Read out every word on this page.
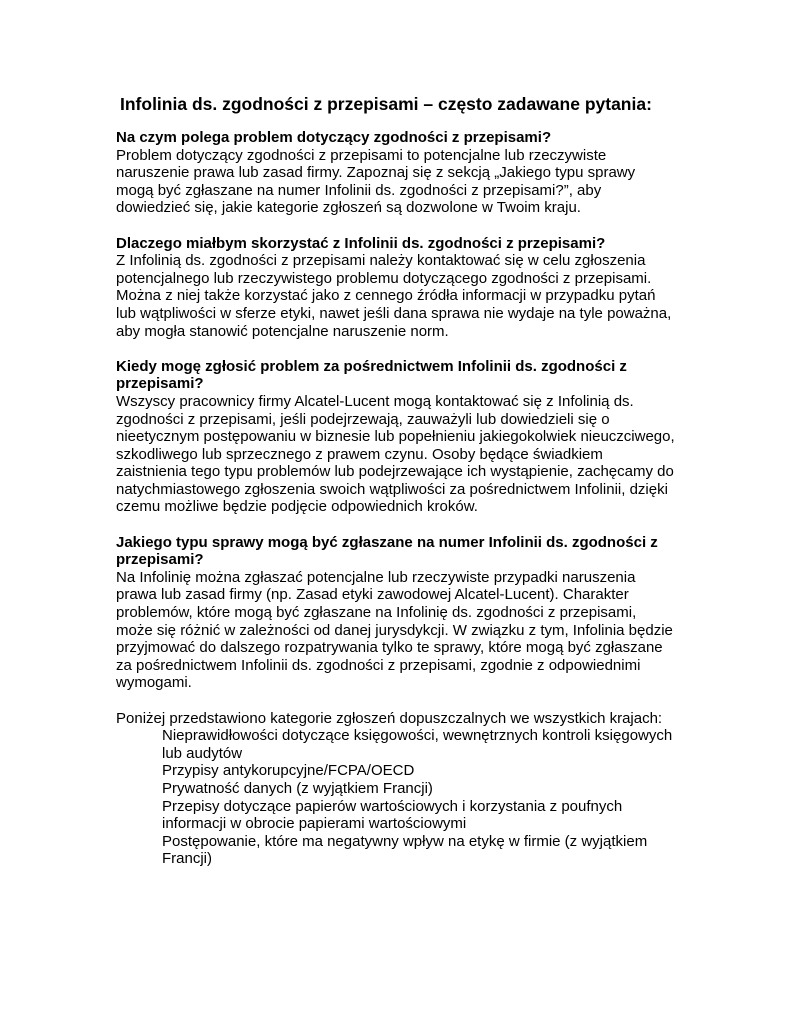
Infolinia ds. zgodności z przepisami – często zadawane pytania:
Na czym polega problem dotyczący zgodności z przepisami?
Problem dotyczący zgodności z przepisami to potencjalne lub rzeczywiste naruszenie prawa lub zasad firmy. Zapoznaj się z sekcją „Jakiego typu sprawy mogą być zgłaszane na numer Infolinii ds. zgodności z przepisami?”, aby dowiedzieć się, jakie kategorie zgłoszeń są dozwolone w Twoim kraju.
Dlaczego miałbym skorzystać z Infolinii ds. zgodności z przepisami?
Z Infolinią ds. zgodności z przepisami należy kontaktować się w celu zgłoszenia potencjalnego lub rzeczywistego problemu dotyczącego zgodności z przepisami. Można z niej także korzystać jako z cennego źródła informacji w przypadku pytań lub wątpliwości w sferze etyki, nawet jeśli dana sprawa nie wydaje na tyle poważna, aby mogła stanowić potencjalne naruszenie norm.
Kiedy mogę zgłosić problem za pośrednictwem Infolinii ds. zgodności z przepisami?
Wszyscy pracownicy firmy Alcatel-Lucent mogą kontaktować się z Infolinią ds. zgodności z przepisami, jeśli podejrzewają, zauważyli lub dowiedzieli się o nieetycznym postępowaniu w biznesie lub popełnieniu jakiegokolwiek nieuczciwego, szkodliwego lub sprzecznego z prawem czynu. Osoby będące świadkiem zaistnienia tego typu problemów lub podejrzewające ich wystąpienie, zachęcamy do natychmiastowego zgłoszenia swoich wątpliwości za pośrednictwem Infolinii, dzięki czemu możliwe będzie podjęcie odpowiednich kroków.
Jakiego typu sprawy mogą być zgłaszane na numer Infolinii ds. zgodności z przepisami?
Na Infolinię można zgłaszać potencjalne lub rzeczywiste przypadki naruszenia prawa lub zasad firmy (np. Zasad etyki zawodowej Alcatel-Lucent). Charakter problemów, które mogą być zgłaszane na Infolinię ds. zgodności z przepisami, może się różnić w zależności od danej jurysdykcji. W związku z tym, Infolinia będzie przyjmować do dalszego rozpatrywania tylko te sprawy, które mogą być zgłaszane za pośrednictwem Infolinii ds. zgodności z przepisami, zgodnie z odpowiednimi wymogami.
Poniżej przedstawiono kategorie zgłoszeń dopuszczalnych we wszystkich krajach:
Nieprawidłowości dotyczące księgowości, wewnętrznych kontroli księgowych lub audytów
Przypisy antykorupcyjne/FCPA/OECD
Prywatność danych (z wyjątkiem Francji)
Przepisy dotyczące papierów wartościowych i korzystania z poufnych informacji w obrocie papierami wartościowymi
Postępowanie, które ma negatywny wpływ na etykę w firmie (z wyjątkiem Francji)
